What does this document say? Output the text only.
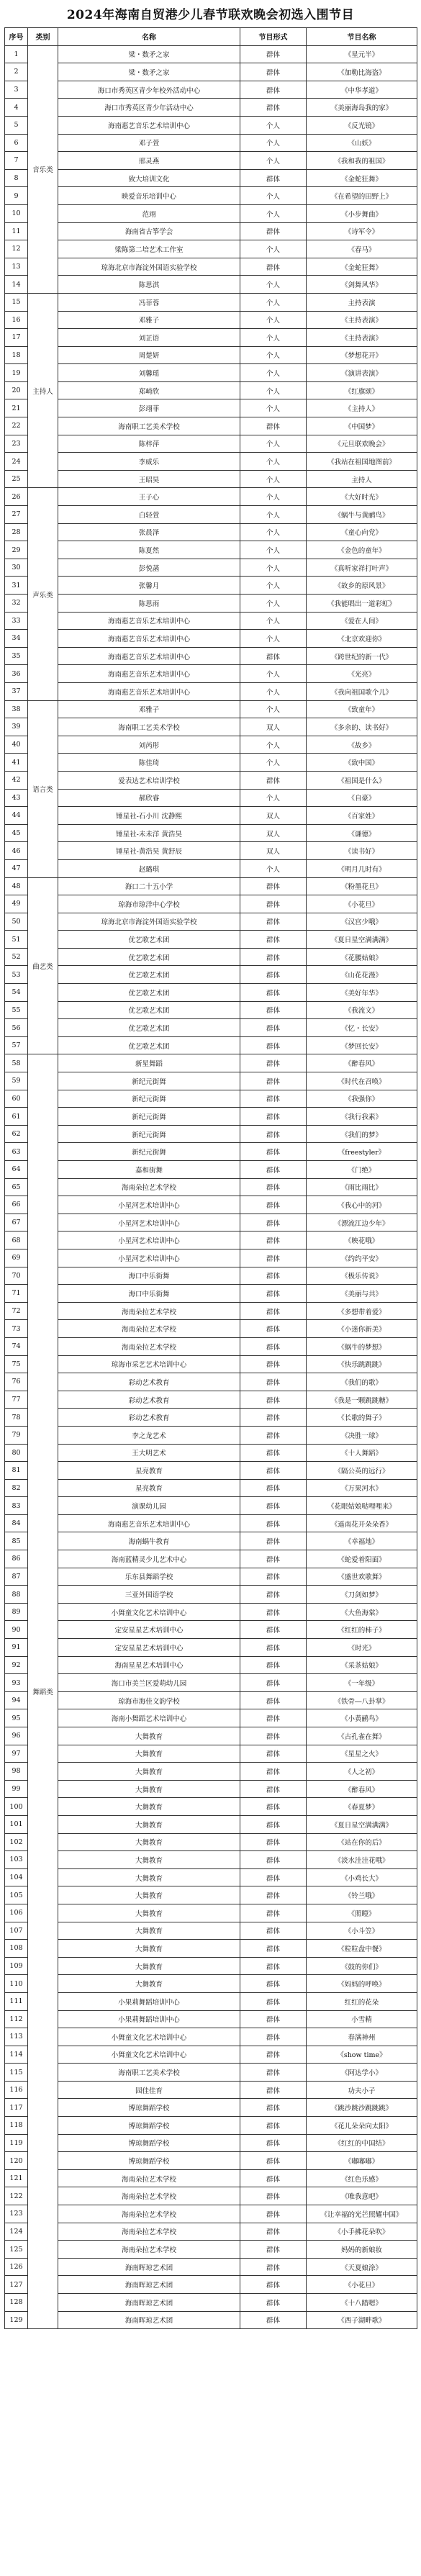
2024年海南自贸港少儿春节联欢晚会初选入围节目
序号	类别	名称	节目形式	节目名称
1	音乐类	梁・数矛之家	群体	《星元半》
2		梁・数矛之家	群体	《加勒比海盗》
3		海口市秀英区青少年校外活动中心	群体	《中华孝道》
4		海口市秀英区青少年活动中心	群体	《美丽海岛我的家》
5		海南惠艺音乐艺术培训中心	个人	《反光镜》
6		邓子萱	个人	《山妖》
7		邢灵燕	个人	《我和我的祖国》
8		致大培训文化	群体	《金蛇狂舞》
9		映爱音乐培训中心	个人	《在希望的田野上》
10		范翊	个人	《小步舞曲》
11		海南省古筝学会	群体	《诗军令》
12		梁陈第二培艺术工作室	个人	《春马》
13		琼海北京市海淀外国语实验学校	群体	《金蛇狂舞》
14		陈思淇	个人	《剑舞风华》
15	主持人	冯菲蓉	个人	主持表演
16		邓雅子	个人	《主持表演》
17		刘芷语	个人	《主持表演》
18		周楚妍	个人	《梦想花开》
19		刘馨瑶	个人	《演讲表演》
20		郑崎欣	个人	《红旗颂》
21		彭翊菲	个人	《主持人》
22		海南职工艺美术学校	群体	《中国梦》
23		陈梓萍	个人	《元旦联欢晚会》
24		李威乐	个人	《我站在祖国地图前》
25		王昭昊	个人	主持人
26	声乐类	王子心	个人	《大好时光》
27		白轻萱	个人	《蜗牛与黄鹂鸟》
28		张晨泽	个人	《童心向党》
29		陈夏然	个人	《金色的童年》
30		彭悦菡	个人	《真听家祥打叶声》
31		张馨月	个人	《故乡的原风景》
32		陈思雨	个人	《我能唱出一道彩虹》
33		海南惠艺音乐艺术培训中心	个人	《爱在人间》
34		海南惠艺音乐艺术培训中心	个人	《北京欢迎你》
35		海南惠艺音乐艺术培训中心	群体	《跨世纪的新一代》
36		海南惠艺音乐艺术培训中心	个人	《光亮》
37		海南惠艺音乐艺术培训中心	个人	《我向祖国歌个儿》
38	语言类	邓雅子	个人	《致童年》
39		海南职工艺美术学校	双人	《多余的、读书好》
40		刘芮彤	个人	《故乡》
41		陈佳琦	个人	《致中国》
42		爱表达艺术培训学校	群体	《祖国是什么》
43		郝欣睿	个人	《自豪》
44		锤星社-石小川 沈静熙	双人	《百家姓》
45		锤星社-未未洋 黄浩昊	双人	《谦德》
46		锤星社-黄浩昊 黄舒辰	双人	《读书好》
47		赵璐琪	个人	《明月几时有》
48	曲艺类	海口二十五小学	群体	《粉墨花旦》
49		琼海市琼洋中心学校	群体	《小花旦》
50		琼海北京市海淀外国语实验学校	群体	《汉宫少哦》
51		优艺歌艺术团	群体	《夏日星空满满满》
52		优艺歌艺术团	群体	《花腰姑娘》
53		优艺歌艺术团	群体	《山花花漫》
54		优艺歌艺术团	群体	《美好年华》
55		优艺歌艺术团	群体	《我流文》
56		优艺歌艺术团	群体	《忆・长安》
57		优艺歌艺术团	群体	《梦回长安》
58	舞蹈类	新星舞蹈	群体	《醉春风》
59		新纪元街舞	群体	《时代在召唤》
60		新纪元街舞	群体	《我强你》
61		新纪元街舞	群体	《我行我素》
62		新纪元街舞	群体	《我们的梦》
63		新纪元街舞	群体	《freestyler》
64		嘉和街舞	群体	《门绝》
65		海南朵拉艺术学校	群体	《雨比雨比》
66		小星河艺术培训中心	群体	《我心中的河》
67		小星河艺术培训中心	群体	《漂流江边少年》
68		小星河艺术培训中心	群体	《映花哦》
69		小星河艺术培训中心	群体	《约约平安》
70		海口中乐街舞	群体	《极乐传说》
71		海口中乐街舞	群体	《美丽与共》
72		海南朵拉艺术学校	群体	《多想带着爱》
73		海南朵拉艺术学校	群体	《小迷你新美》
74		海南朵拉艺术学校	群体	《蜗牛的梦想》
75		琼海市采艺艺术培训中心	群体	《快乐跳跳跳》
76		彩动艺术教育	群体	《我们的歌》
77		彩动艺术教育	群体	《我是一颗跳跳糖》
78		彩动艺术教育	群体	《长歌的舞子》
79		李之龙艺术	群体	《决胜一球》
80		王大明艺术	群体	《十人舞蹈》
81		星亮教育	群体	《隔公英的远行》
82		星亮教育	群体	《万果河水》
83		演课幼儿园	群体	《花眼姑娘哒哩哩来》
84		海南惠艺音乐艺术培训中心	群体	《遥南花开朵朵香》
85		海南蜗牛教育	群体	《幸福地》
86		海南蓝精灵少儿艺术中心	群体	《蛇爱着阳面》
87		乐东县舞蹈学校	群体	《盛世欢歌舞》
88		三亚外国语学校	群体	《刀剑如梦》
89		小舞童文化艺术培训中心	群体	《大鱼海棠》
90		定安星星艺术培训中心	群体	《红红的柿子》
91		定安星星艺术培训中心	群体	《时光》
92		海南星星艺术培训中心	群体	《采茶姑娘》
93		海口市美兰区爱萌幼儿园	群体	《一年级》
94		琼海市海佳文韵学校	群体	《铁骨―八卦掌》
95		海南小舞蹈艺术培训中心	群体	《小黄鹂鸟》
96		大舞教育	群体	《古孔雀在舞》
97		大舞教育	群体	《星星之火》
98		大舞教育	群体	《人之初》
99		大舞教育	群体	《醉春风》
100		大舞教育	群体	《春夏梦》
101		大舞教育	群体	《夏日星空满满满》
102		大舞教育	群体	《站在你的后》
103		大舞教育	群体	《淡水洼洼花哦》
104		大舞教育	群体	《小鸡长大》
105		大舞教育	群体	《铃兰哦》
106		大舞教育	群体	《照瞪》
107		大舞教育	群体	《小斗笠》
108		大舞教育	群体	《粒粒盘中餐》
109		大舞教育	群体	《鼓的你们》
110		大舞教育	群体	《妈妈的呼唤》
111		小果莉舞蹈培训中心	群体	红红的花朵
112		小果莉舞蹈培训中心	群体	小雪精
113		小舞童文化艺术培训中心	群体	春满神州
114		小舞童文化艺术培训中心	群体	《show time》
115		海南职工艺美术学校	群体	《阿达学小》
116		园佳佳育	群体	功夫小子
117		博琼舞蹈学校	群体	《跳沙跳沙跳跳跳》
118		博琼舞蹈学校	群体	《花儿朵朵向太阳》
119		博琼舞蹈学校	群体	《红红的中国结》
120		博琼舞蹈学校	群体	《嘟嘟嘟》
121		海南朵拉艺术学校	群体	《红色乐感》
122		海南朵拉艺术学校	群体	《唯我意吧》
123		海南朵拉艺术学校	群体	《让幸福的光芒照耀中国》
124		海南朵拉艺术学校	群体	《小手拂花朵吹》
125		海南朵拉艺术学校	群体	妈妈的新娘妆
126		海南晖琼艺术团	群体	《天夏娘涂》
127		海南晖琼艺术团	群体	《小花旦》
128		海南晖琼艺术团	群体	《十八踏嗯》
129		海南晖琼艺术团	群体	《西子湖畔歌》
